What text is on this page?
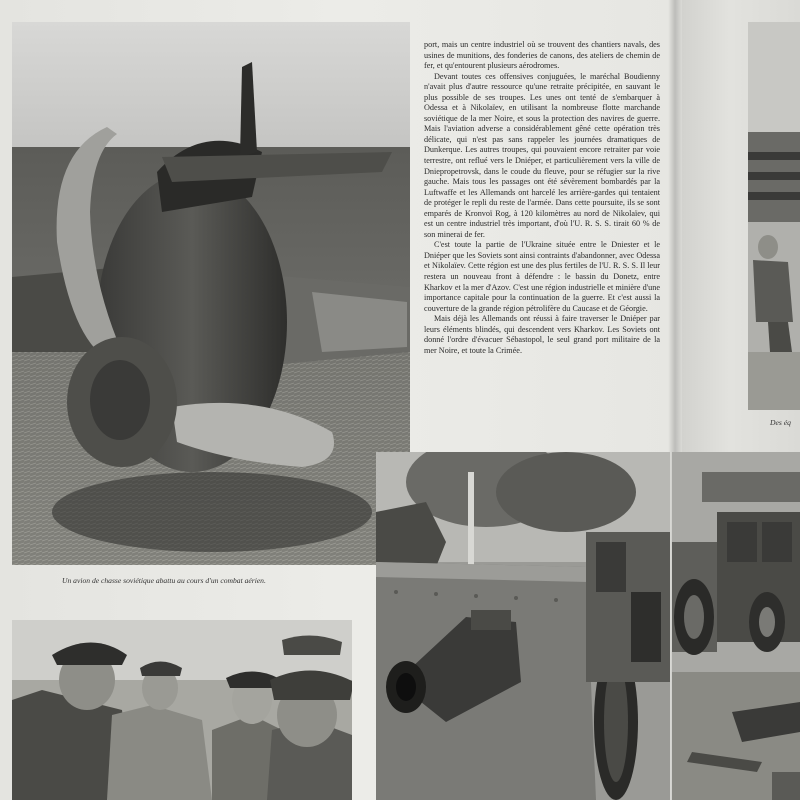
Un avion de chasse soviétique abattu au cours d'un combat aérien.

port, mais un centre industriel où se trouvent des chantiers navals, des usines de munitions, des fonderies de canons, des ateliers de chemin de fer, et qu'entourent plusieurs aérodromes.

Devant toutes ces offensives conjuguées, le maréchal Boudienny n'avait plus d'autre ressource qu'une retraite précipitée, en sauvant le plus possible de ses troupes. Les unes ont tenté de s'embarquer à Odessa et à Nikolaïev, en utilisant la nombreuse flotte marchande soviétique de la mer Noire, et sous la protection des navires de guerre. Mais l'aviation adverse a considérablement gêné cette opération très délicate, qui n'est pas sans rappeler les journées dramatiques de Dunkerque. Les autres troupes, qui pouvaient encore retraiter par voie terrestre, ont reflué vers le Dniéper, et particulièrement vers la ville de Dniepropetrovsk, dans le coude du fleuve, pour se réfugier sur la rive gauche. Mais tous les passages ont été sévèrement bombardés par la Luftwaffe et les Allemands ont harcelé les arrière-gardes qui tentaient de protéger le repli du reste de l'armée. Dans cette poursuite, ils se sont emparés de Kronvoï Rog, à 120 kilomètres au nord de Nikolaïev, qui est un centre industriel très important, d'où l'U. R. S. S. tirait 60 % de son minerai de fer.

C'est toute la partie de l'Ukraine située entre le Dniester et le Dniéper que les Soviets sont ainsi contraints d'abandonner, avec Odessa et Nikolaïev. Cette région est une des plus fertiles de l'U. R. S. S. Il leur restera un nouveau front à défendre : le bassin du Donetz, entre Kharkov et la mer d'Azov. C'est une région industrielle et minière d'une importance capitale pour la continuation de la guerre. Et c'est aussi la couverture de la grande région pétrolifère du Caucase et de Géorgie.

Mais déjà les Allemands ont réussi à faire traverser le Dniéper par leurs éléments blindés, qui descendent vers Kharkov. Les Soviets ont donné l'ordre d'évacuer Sébastopol, le seul grand port militaire de la mer Noire, et toute la Crimée.

Des éq
